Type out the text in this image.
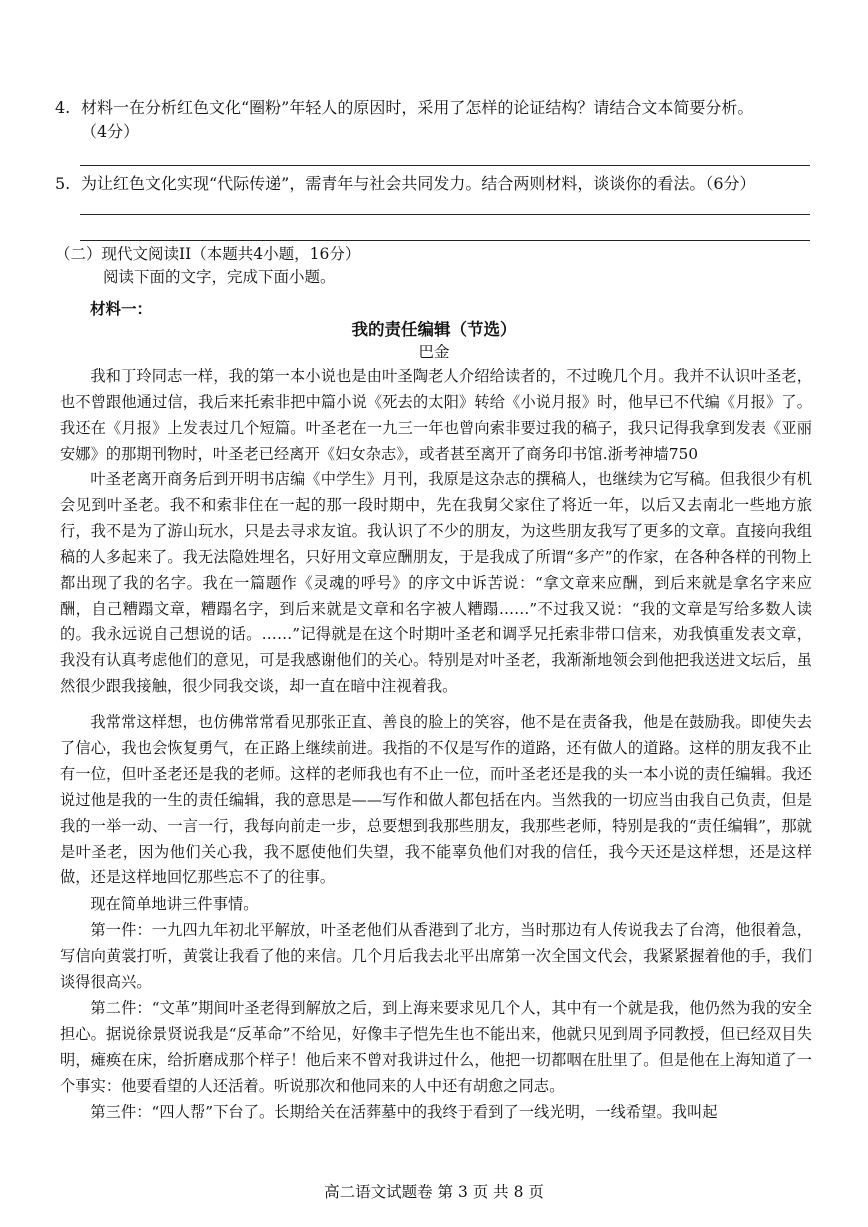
4. 材料一在分析红色文化“圈粉”年轻人的原因时，采用了怎样的论证结构？请结合文本简要分析。
（4分）
5. 为让红色文化实现“代际传递”，需青年与社会共同发力。结合两则材料，谈谈你的看法。（6分）
（二）现代文阅读II（本题共4小题，16分）
阅读下面的文字，完成下面小题。
材料一：
我的责任编辑（节选）
巴金
我和丁玲同志一样，我的第一本小说也是由叶圣陶老人介绍给读者的，不过晚几个月。我并不认识叶圣老，也不曾跟他通过信，我后来托索非把中篇小说《死去的太阳》转给《小说月报》时，他早已不代编《月报》了。我还在《月报》上发表过几个短篇。叶圣老在一九三一年也曾向索非要过我的稿子，我只记得我拿到发表《亚丽安娜》的那期刊物时，叶圣老已经离开《妇女杂志》，或者甚至离开了商务印书馆.浙考神墙750
叶圣老离开商务后到开明书店编《中学生》月刊，我原是这杂志的撰稿人，也继续为它写稿。但我很少有机会见到叶圣老。我不和索非住在一起的那一段时期中，先在我舅父家住了将近一年，以后又去南北一些地方旅行，我不是为了游山玩水，只是去寻求友谊。我认识了不少的朋友，为这些朋友我写了更多的文章。直接向我组稿的人多起来了。我无法隐姓埋名，只好用文章应酬朋友，于是我成了所谓“多产”的作家，在各种各样的刊物上都出现了我的名字。我在一篇题作《灵魂的呼号》的序文中诉苦说：“拿文章来应酬，到后来就是拿名字来应酬，自己糟蹋文章，糟蹋名字，到后来就是文章和名字被人糟蹋……”不过我又说：“我的文章是写给多数人读的。我永远说自己想说的话。……”记得就是在这个时期叶圣老和调孚兄托索非带口信来，劝我慎重发表文章，我没有认真考虑他们的意见，可是我感谢他们的关心。特别是对叶圣老，我渐渐地领会到他把我送进文坛后，虽然很少跟我接触，很少同我交谈，却一直在暗中注视着我。
我常常这样想，也仿佛常常看见那张正直、善良的脸上的笑容，他不是在责备我，他是在鼓励我。即使失去了信心，我也会恢复勇气，在正路上继续前进。我指的不仅是写作的道路，还有做人的道路。这样的朋友我不止有一位，但叶圣老还是我的老师。这样的老师我也有不止一位，而叶圣老还是我的头一本小说的责任编辑。我还说过他是我的一生的责任编辑，我的意思是——写作和做人都包括在内。当然我的一切应当由我自己负责，但是我的一举一动、一言一行，我每向前走一步，总要想到我那些朋友，我那些老师，特别是我的“责任编辑”，那就是叶圣老，因为他们关心我，我不愿使他们失望，我不能辜负他们对我的信任，我今天还是这样想，还是这样做，还是这样地回忆那些忘不了的往事。
现在简单地讲三件事情。
第一件：一九四九年初北平解放，叶圣老他们从香港到了北方，当时那边有人传说我去了台湾，他很着急，写信向黄裳打听，黄裳让我看了他的来信。几个月后我去北平出席第一次全国文代会，我紧紧握着他的手，我们谈得很高兴。
第二件：“文革”期间叶圣老得到解放之后，到上海来要求见几个人，其中有一个就是我，他仍然为我的安全担心。据说徐景贤说我是“反革命”不给见，好像丰子恺先生也不能出来，他就只见到周予同教授，但已经双目失明，瘫痪在床，给折磨成那个样子！他后来不曾对我讲过什么，他把一切都咽在肚里了。但是他在上海知道了一个事实：他要看望的人还活着。听说那次和他同来的人中还有胡愈之同志。
第三件：“四人帮”下台了。长期给关在活葬墓中的我终于看到了一线光明，一线希望。我叫起
高二语文试题卷 第 3 页 共 8 页
